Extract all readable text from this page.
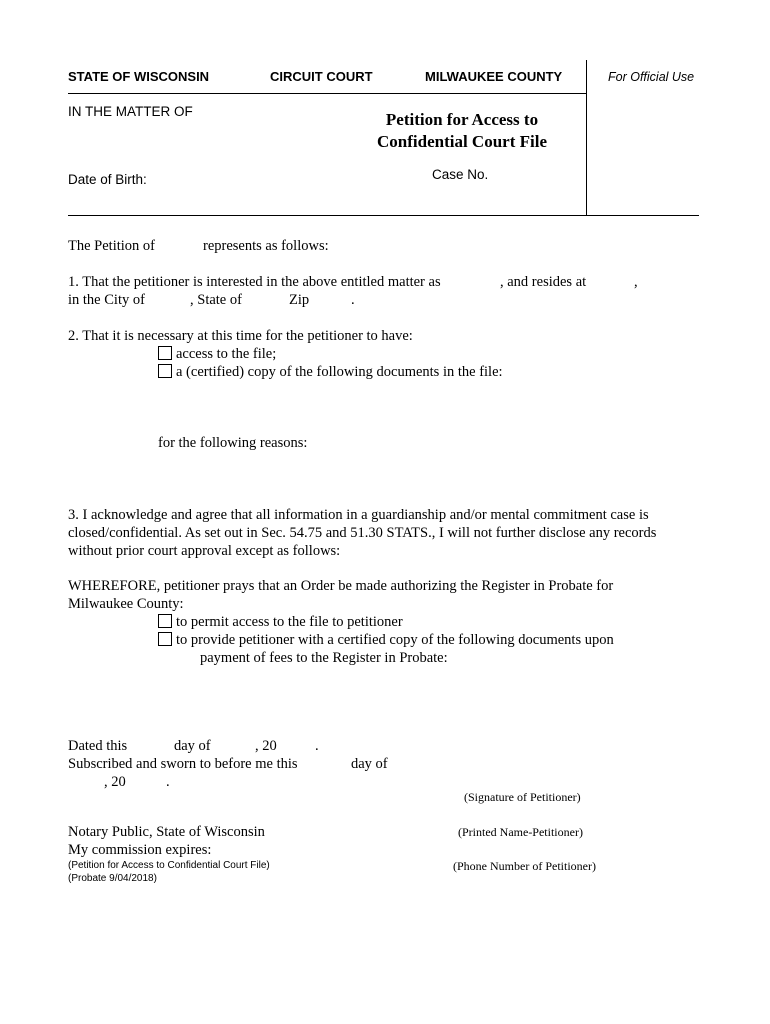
STATE OF WISCONSIN	CIRCUIT COURT	MILWAUKEE COUNTY	For Official Use
IN THE MATTER OF
Date of Birth:
Petition for Access to
Confidential Court File
Case No.
The Petition of	represents as follows:
1. That the petitioner is interested in the above entitled matter as	, and resides at	,
in the City of	, State of	Zip	.
2. That it is necessary at this time for the petitioner to have:
access to the file;
a (certified) copy of the following documents in the file:
for the following reasons:
3. I acknowledge and agree that all information in a guardianship and/or mental commitment case is
closed/confidential. As set out in Sec. 54.75 and 51.30 STATS., I will not further disclose any records
without prior court approval except as follows:
WHEREFORE, petitioner prays that an Order be made authorizing the Register in Probate for
Milwaukee County:
to permit access to the file to petitioner
to provide petitioner with a certified copy of the following documents upon
payment of fees to the Register in Probate:
Dated this	day of	, 20	.
Subscribed and sworn to before me this	day of
, 20	.
(Signature of Petitioner)
Notary Public, State of Wisconsin
My commission expires:
(Printed Name-Petitioner)
(Phone Number of Petitioner)
(Petition for Access to Confidential Court File)
(Probate 9/04/2018)
